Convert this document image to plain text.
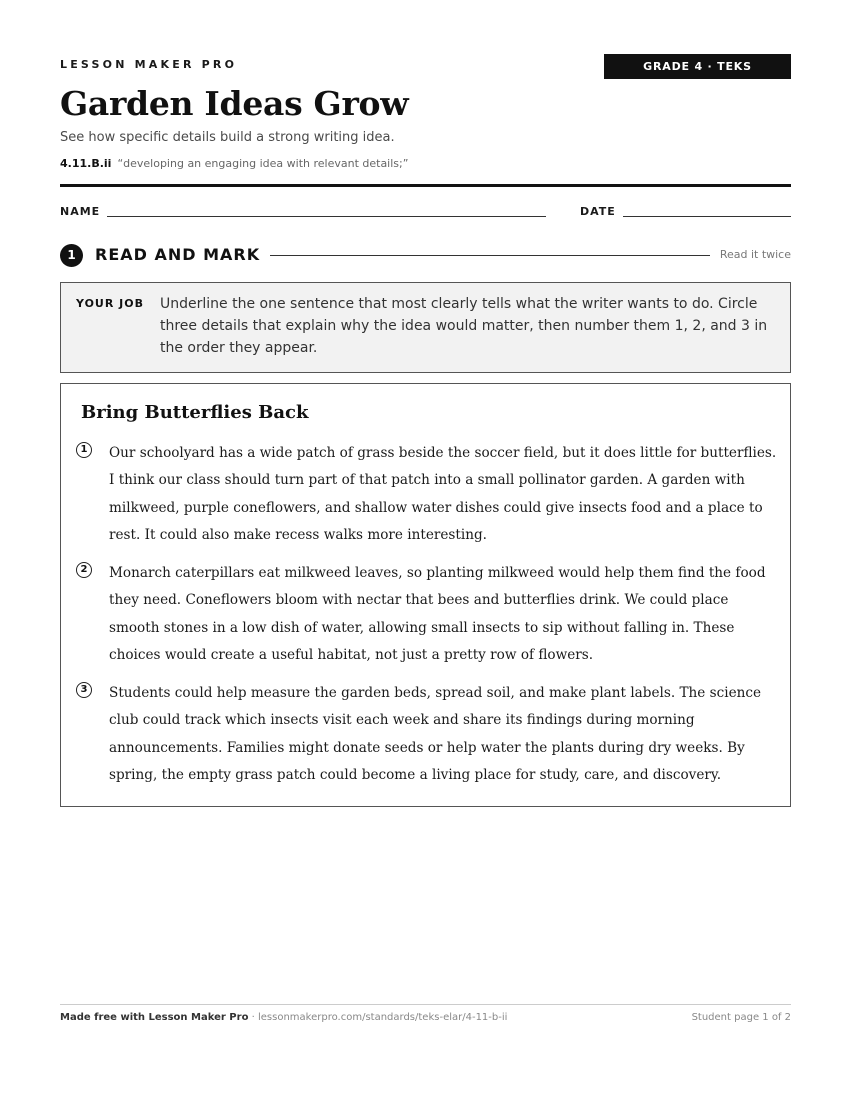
LESSON MAKER PRO	GRADE 4 · TEKS 4.11.B.ii
Garden Ideas Grow
See how specific details build a strong writing idea.
4.11.B.ii “developing an engaging idea with relevant details;”
NAME	DATE
1	READ AND MARK	Read it twice
YOUR JOB Underline the one sentence that most clearly tells what the writer wants to do. Circle three details that explain why the idea would matter, then number them 1, 2, and 3 in the order they appear.
Bring Butterflies Back
1	Our schoolyard has a wide patch of grass beside the soccer field, but it does little for butterflies. I think our class should turn part of that patch into a small pollinator garden. A garden with milkweed, purple coneflowers, and shallow water dishes could give insects food and a place to rest. It could also make recess walks more interesting.

2	Monarch caterpillars eat milkweed leaves, so planting milkweed would help them find the food they need. Coneflowers bloom with nectar that bees and butterflies drink. We could place smooth stones in a low dish of water, allowing small insects to sip without falling in. These choices would create a useful habitat, not just a pretty row of flowers.

3	Students could help measure the garden beds, spread soil, and make plant labels. The science club could track which insects visit each week and share its findings during morning announcements. Families might donate seeds or help water the plants during dry weeks. By spring, the empty grass patch could become a living place for study, care, and discovery.

Made free with Lesson Maker Pro · lessonmakerpro.com/standards/teks-elar/4-11-b-ii	Student page 1 of 2
